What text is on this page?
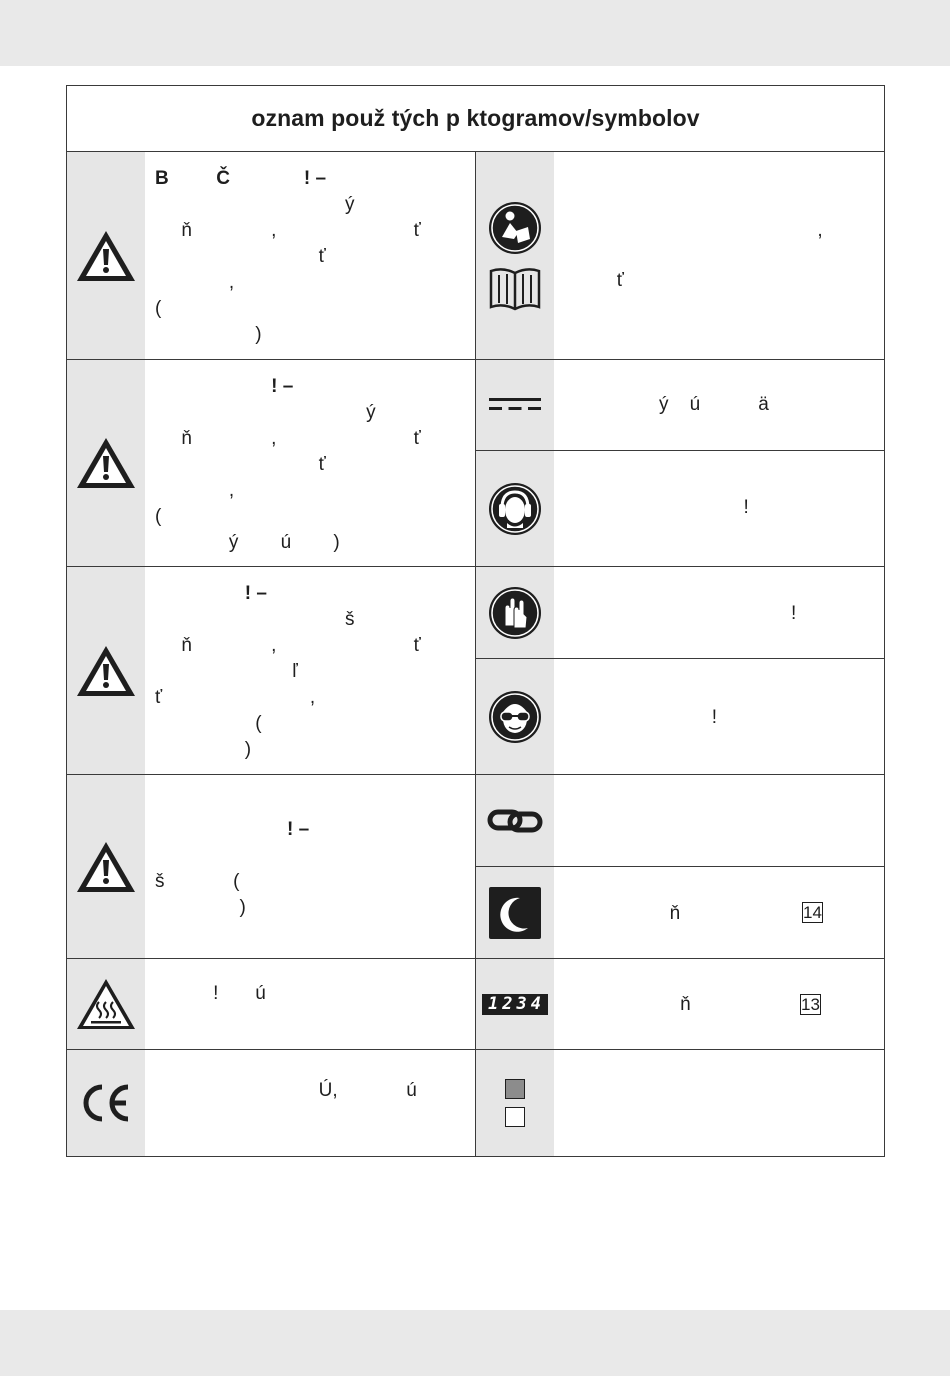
oznam použ tých p ktogramov/symbolov
B         Č              ! –
ý
ň               ,                          ť
ť
,
(
)
! –
ý
ň               ,                          ť
ť
,
(
ý        ú        )
! –
š
ň               ,                          ť
ľ
ť                            ,
(
)
! –
š             (
)
!       ú
Ú,             ú
,
ť
ý    ú           ä
!
!
!
ň	14
1234 ň	13
